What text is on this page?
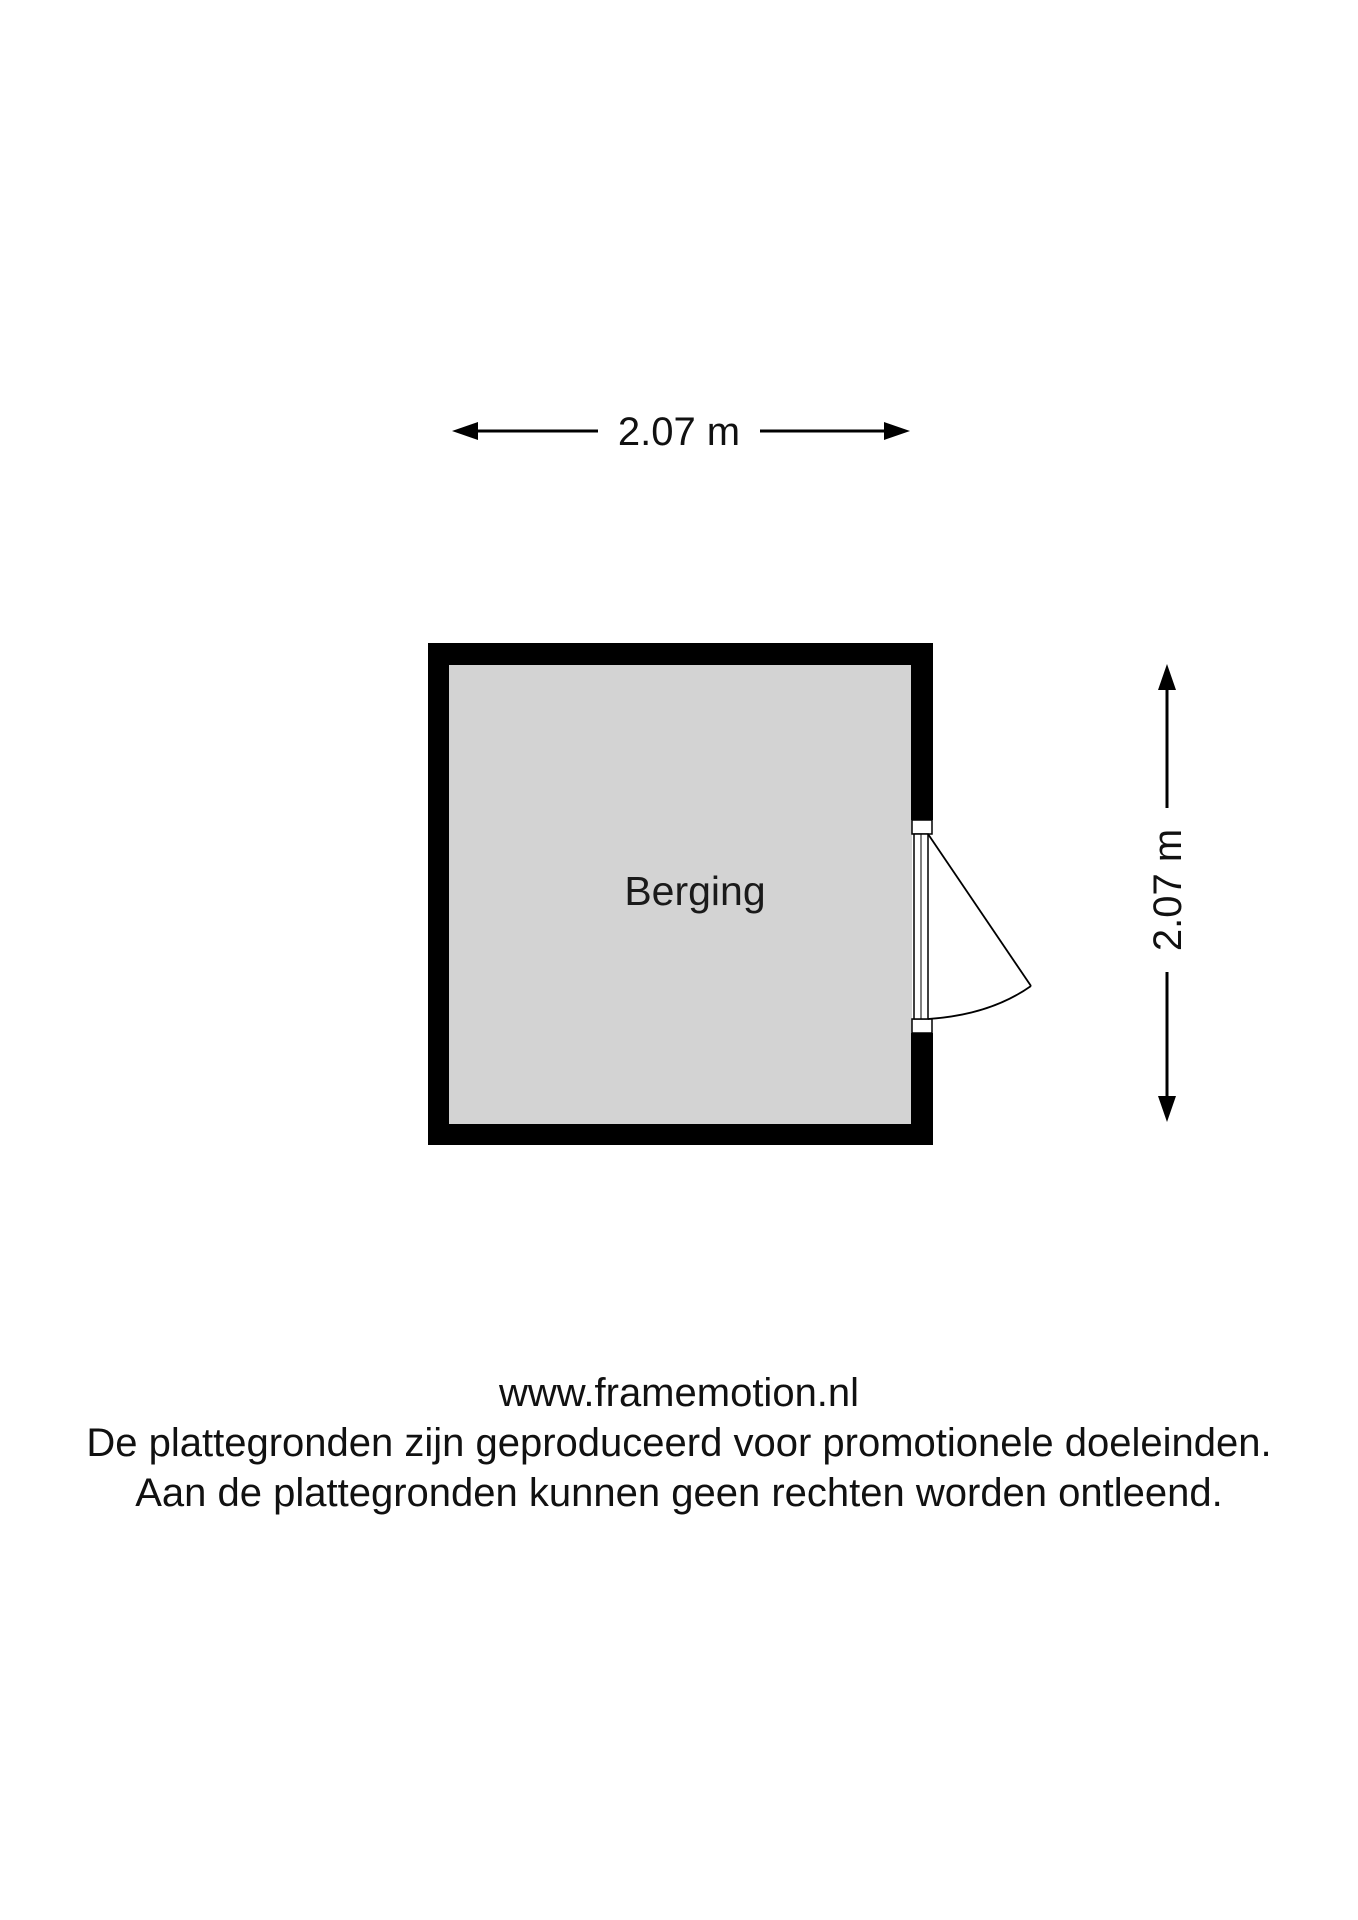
2.07 m
Berging	2.07 m
www.framemotion.nl
De plattegronden zijn geproduceerd voor promotionele doeleinden.
Aan de plattegronden kunnen geen rechten worden ontleend.
